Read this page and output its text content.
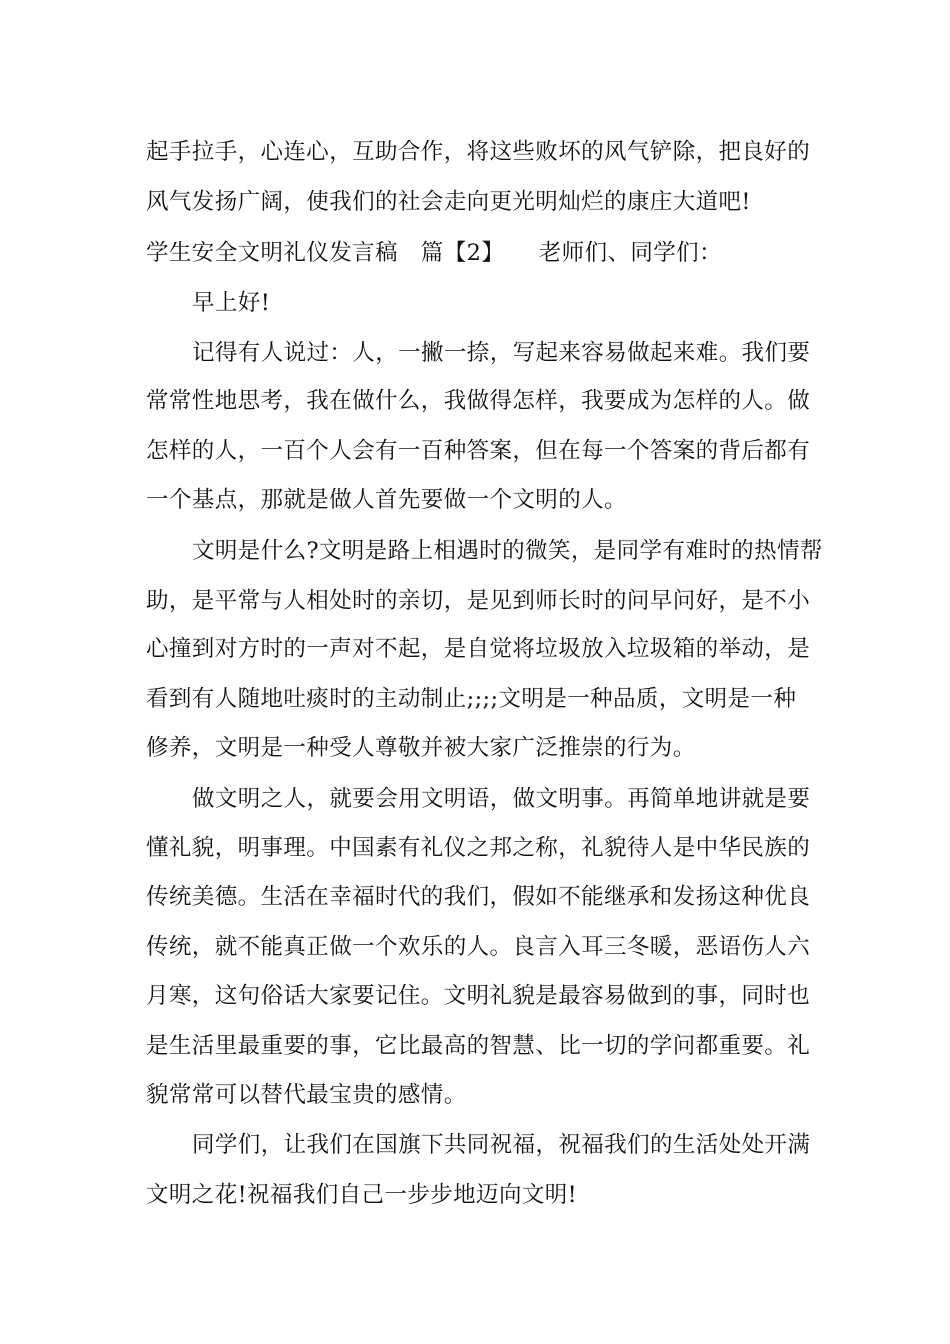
起手拉手，心连心，互助合作，将这些败坏的风气铲除，把良好的
风气发扬广阔，使我们的社会走向更光明灿烂的康庄大道吧!
学生安全文明礼仪发言稿　篇【2】　　老师们、同学们：
早上好!
记得有人说过：人，一撇一捺，写起来容易做起来难。我们要
常常性地思考，我在做什么，我做得怎样，我要成为怎样的人。做
怎样的人，一百个人会有一百种答案，但在每一个答案的背后都有
一个基点，那就是做人首先要做一个文明的人。
文明是什么?文明是路上相遇时的微笑，是同学有难时的热情帮
助，是平常与人相处时的亲切，是见到师长时的问早问好，是不小
心撞到对方时的一声对不起，是自觉将垃圾放入垃圾箱的举动，是
看到有人随地吐痰时的主动制止;;;;文明是一种品质，文明是一种
修养，文明是一种受人尊敬并被大家广泛推崇的行为。
做文明之人，就要会用文明语，做文明事。再简单地讲就是要
懂礼貌，明事理。中国素有礼仪之邦之称，礼貌待人是中华民族的
传统美德。生活在幸福时代的我们，假如不能继承和发扬这种优良
传统，就不能真正做一个欢乐的人。良言入耳三冬暖，恶语伤人六
月寒，这句俗话大家要记住。文明礼貌是最容易做到的事，同时也
是生活里最重要的事，它比最高的智慧、比一切的学问都重要。礼
貌常常可以替代最宝贵的感情。
同学们，让我们在国旗下共同祝福，祝福我们的生活处处开满
文明之花!祝福我们自己一步步地迈向文明!
